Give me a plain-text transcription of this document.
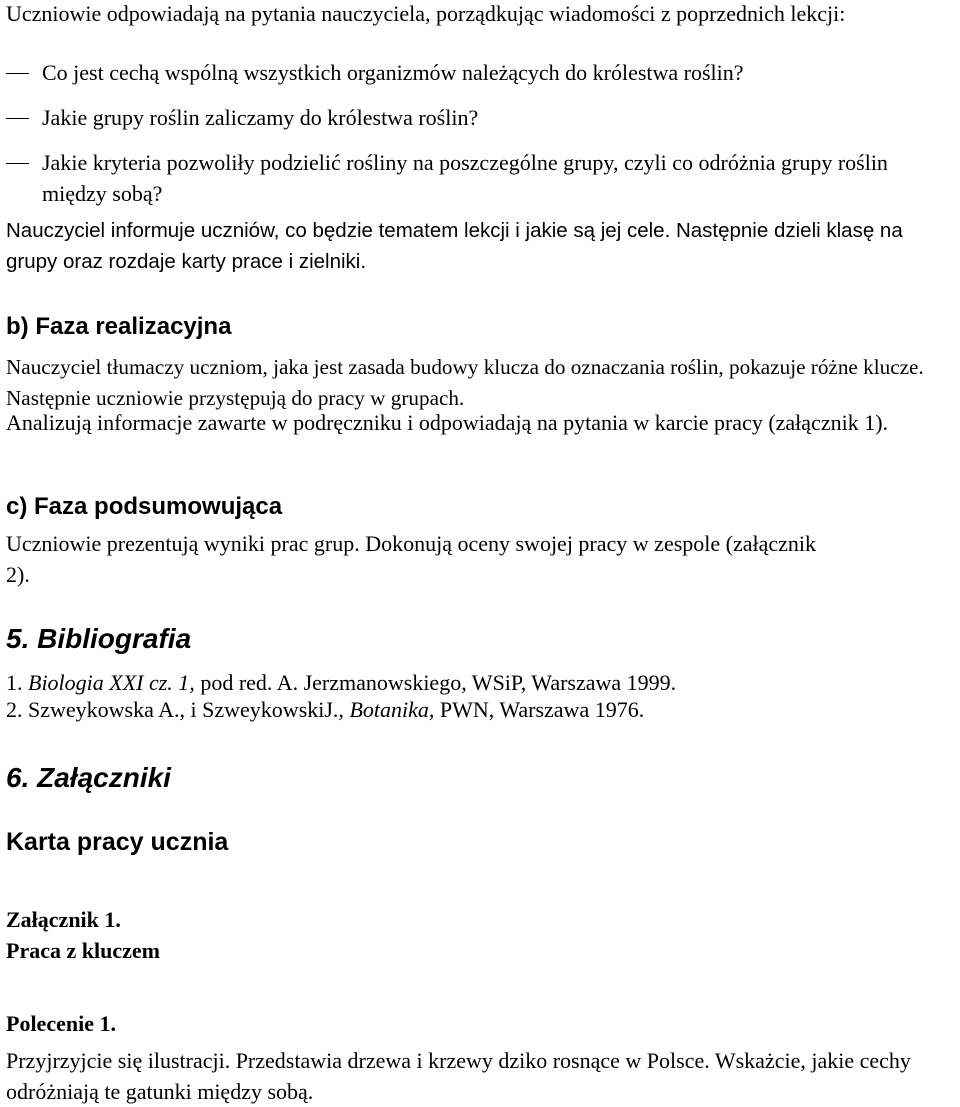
Uczniowie odpowiadają na pytania nauczyciela, porządkując wiadomości z poprzednich lekcji:

Co jest cechą wspólną wszystkich organizmów należących do królestwa roślin?
Jakie grupy roślin zaliczamy do królestwa roślin?
Jakie kryteria pozwoliły podzielić rośliny na poszczególne grupy, czyli co odróżnia grupy roślin między sobą?

Nauczyciel informuje uczniów, co będzie tematem lekcji i jakie są jej cele. Następnie dzieli klasę na grupy oraz rozdaje karty prace i zielniki.

b) Faza realizacyjna

Nauczyciel tłumaczy uczniom, jaka jest zasada budowy klucza do oznaczania roślin, pokazuje różne klucze. Następnie uczniowie przystępują do pracy w grupach.

Analizują informacje zawarte w podręczniku i odpowiadają na pytania w karcie pracy (załącznik 1).

c) Faza podsumowująca

Uczniowie prezentują wyniki prac grup. Dokonują oceny swojej pracy w zespole (załącznik 2).

5. Bibliografia

1. Biologia XXI cz. 1, pod red. A. Jerzmanowskiego, WSiP, Warszawa 1999.

2. Szweykowska A., i SzweykowskiJ., Botanika, PWN, Warszawa 1976.

6. Załączniki
Karta pracy ucznia

Załącznik 1.

Praca z kluczem

Polecenie 1.

Przyjrzyjcie się ilustracji. Przedstawia drzewa i krzewy dziko rosnące w Polsce. Wskażcie, jakie cechy odróżniają te gatunki między sobą.
